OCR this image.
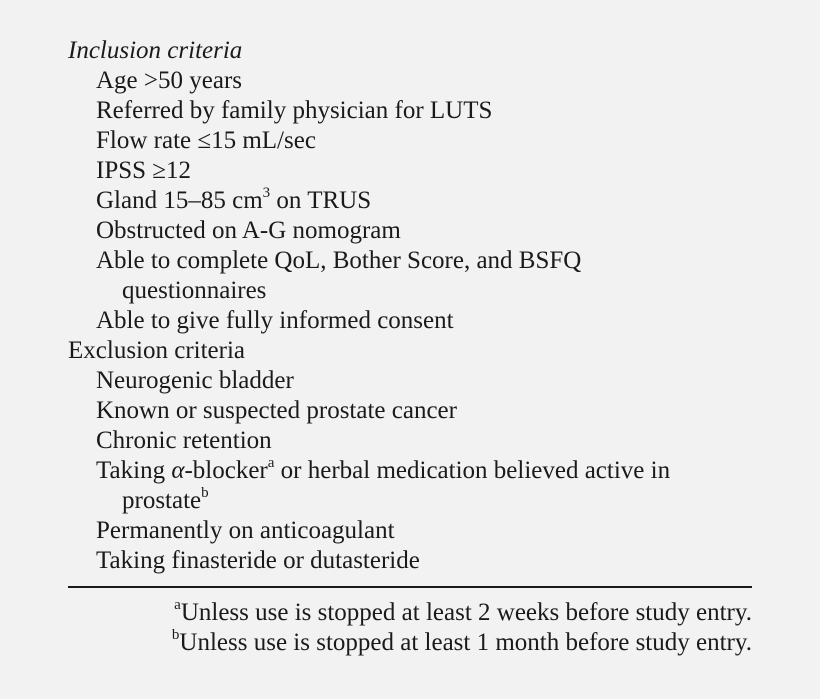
Inclusion criteria
Age >50 years
Referred by family physician for LUTS
Flow rate ≤15 mL/sec
IPSS ≥12
Gland 15–85 $cm^3$ on TRUS
Obstructed on A-G nomogram
Able to complete QoL, Bother Score, and BSFQ
questionnaires
Able to give fully informed consent
Exclusion criteria
Neurogenic bladder
Known or suspected prostate cancer
Chronic retention
Taking α-blocker$^a$ or herbal medication believed active in
prostate$^b$
Permanently on anticoagulant
Taking finasteride or dutasteride
$^a$Unless use is stopped at least 2 weeks before study entry.
$^b$Unless use is stopped at least 1 month before study entry.
